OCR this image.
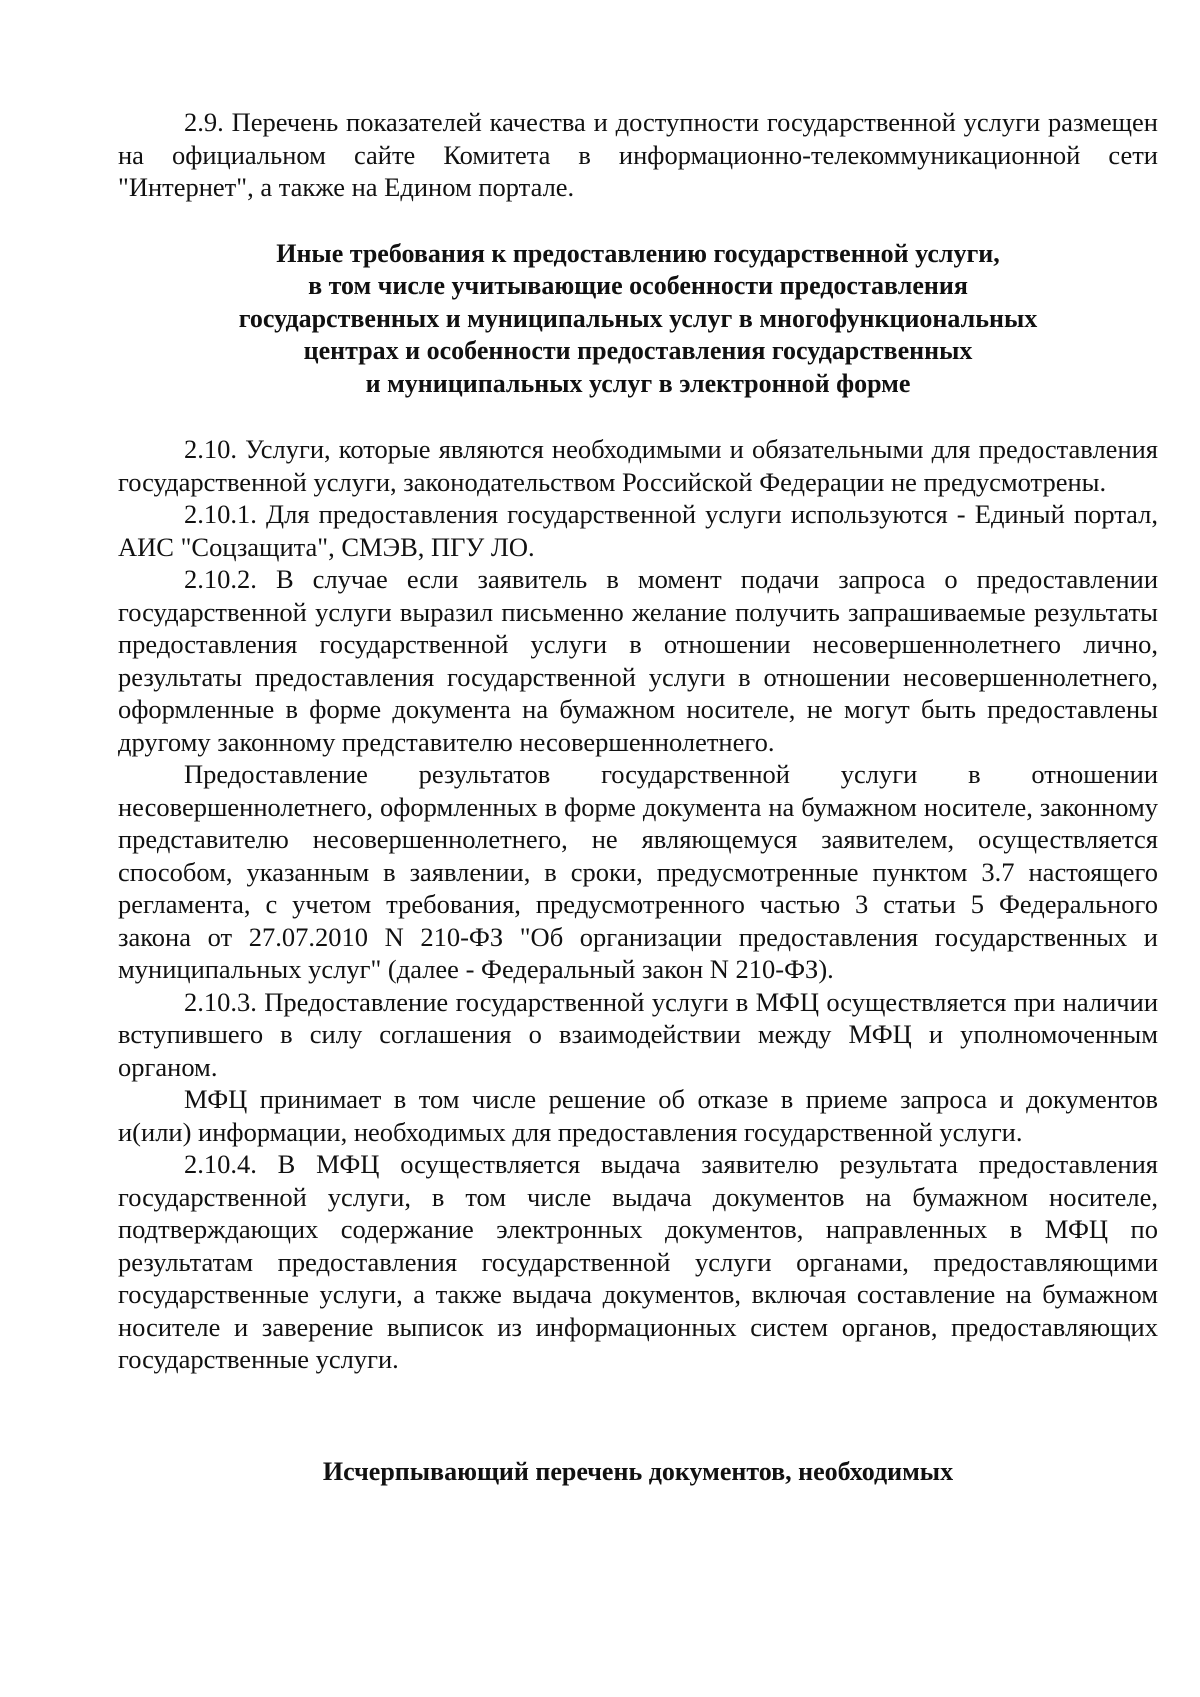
2.9. Перечень показателей качества и доступности государственной услуги размещен на официальном сайте Комитета в информационно-телекоммуникационной сети "Интернет", а также на Едином портале.

Иные требования к предоставлению государственной услуги,
в том числе учитывающие особенности предоставления
государственных и муниципальных услуг в многофункциональных
центрах и особенности предоставления государственных
и муниципальных услуг в электронной форме

2.10. Услуги, которые являются необходимыми и обязательными для предоставления государственной услуги, законодательством Российской Федерации не предусмотрены.

2.10.1. Для предоставления государственной услуги используются - Единый портал, АИС "Соцзащита", СМЭВ, ПГУ ЛО.

2.10.2. В случае если заявитель в момент подачи запроса о предоставлении государственной услуги выразил письменно желание получить запрашиваемые результаты предоставления государственной услуги в отношении несовершеннолетнего лично, результаты предоставления государственной услуги в отношении несовершеннолетнего, оформленные в форме документа на бумажном носителе, не могут быть предоставлены другому законному представителю несовершеннолетнего.

Предоставление результатов государственной услуги в отношении несовершеннолетнего, оформленных в форме документа на бумажном носителе, законному представителю несовершеннолетнего, не являющемуся заявителем, осуществляется способом, указанным в заявлении, в сроки, предусмотренные пунктом 3.7 настоящего регламента, с учетом требования, предусмотренного частью 3 статьи 5 Федерального закона от 27.07.2010 N 210-ФЗ "Об организации предоставления государственных и муниципальных услуг" (далее - Федеральный закон N 210-ФЗ).

2.10.3. Предоставление государственной услуги в МФЦ осуществляется при наличии вступившего в силу соглашения о взаимодействии между МФЦ и уполномоченным органом.

МФЦ принимает в том числе решение об отказе в приеме запроса и документов и(или) информации, необходимых для предоставления государственной услуги.

2.10.4. В МФЦ осуществляется выдача заявителю результата предоставления государственной услуги, в том числе выдача документов на бумажном носителе, подтверждающих содержание электронных документов, направленных в МФЦ по результатам предоставления государственной услуги органами, предоставляющими государственные услуги, а также выдача документов, включая составление на бумажном носителе и заверение выписок из информационных систем органов, предоставляющих государственные услуги.

Исчерпывающий перечень документов, необходимых
